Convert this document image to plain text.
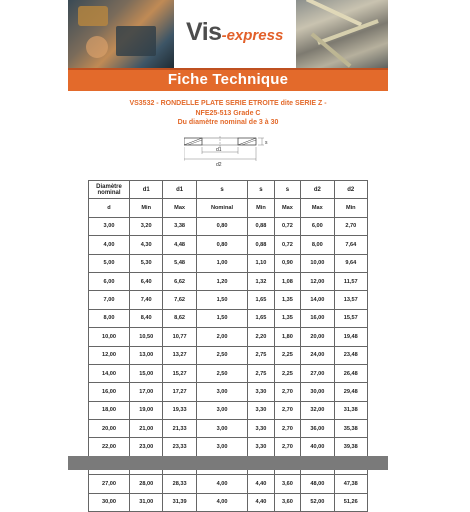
Vis-express
Fiche Technique
VS3532 - RONDELLE PLATE SERIE ETROITE dite SERIE Z -
NFE25-513 Grade C
Du diamètre nominal de 3 à 30
s
d1
d2
Diamètre nominal	d1	d1	s	s	s	d2	d2
d	Min	Max	Nominal	Min	Max	Max	Min
3,00	3,20	3,38	0,80	0,88	0,72	6,00	2,70
4,00	4,30	4,48	0,80	0,88	0,72	8,00	7,64
5,00	5,30	5,48	1,00	1,10	0,90	10,00	9,64
6,00	6,40	6,62	1,20	1,32	1,08	12,00	11,57
7,00	7,40	7,62	1,50	1,65	1,35	14,00	13,57
8,00	8,40	8,62	1,50	1,65	1,35	16,00	15,57
10,00	10,50	10,77	2,00	2,20	1,80	20,00	19,48
12,00	13,00	13,27	2,50	2,75	2,25	24,00	23,48
14,00	15,00	15,27	2,50	2,75	2,25	27,00	26,48
16,00	17,00	17,27	3,00	3,30	2,70	30,00	29,48
18,00	19,00	19,33	3,00	3,30	2,70	32,00	31,38
20,00	21,00	21,33	3,00	3,30	2,70	36,00	35,38
22,00	23,00	23,33	3,00	3,30	2,70	40,00	39,38

27,00	28,00	28,33	4,00	4,40	3,60	48,00	47,38
30,00	31,00	31,39	4,00	4,40	3,60	52,00	51,26
